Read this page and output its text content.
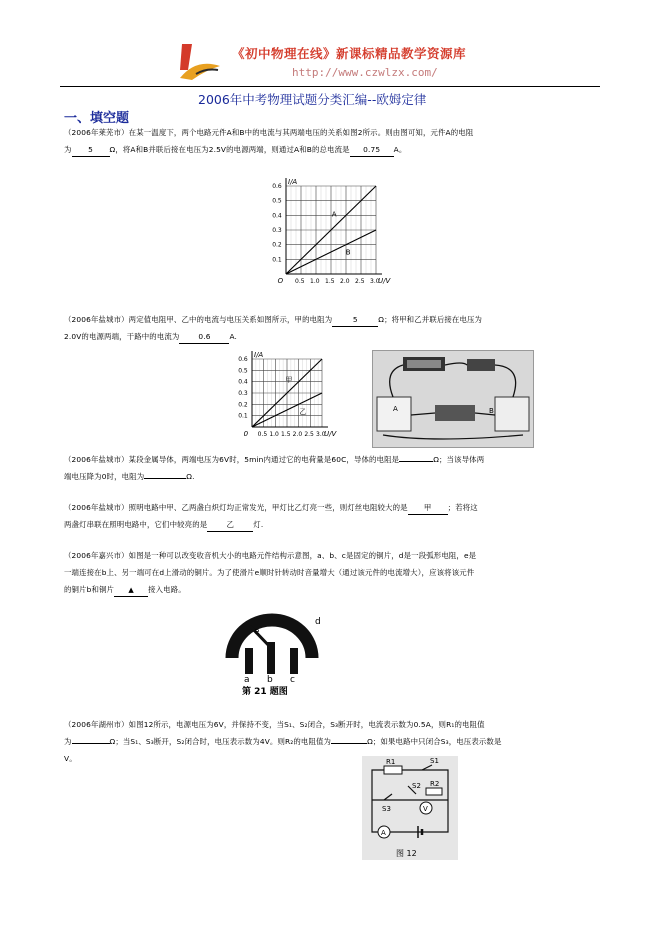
《初中物理在线》新课标精品教学资源库
http://www.czwlzx.com/
2006年中考物理试题分类汇编--欧姆定律
一、填空题
（2006年莱芜市）在某一温度下，两个电路元件A和B中的电流与其两端电压的关系如图2所示。则由图可知，元件A的电阻
为 5 Ω，将A和B并联后接在电压为2.5V的电源两端，则通过A和B的总电流是 0.75 A。
0.5 1.0 1.5 2.0 2.5 3.0
0.1
0.2
0.3
0.4
0.5
0.6
O	U/V
I/A
A
B
（2006年盐城市）两定值电阻甲、乙中的电流与电压关系如图所示，甲的电阻为	5	Ω；将甲和乙并联后接在电压为
2.0V的电源两端，干路中的电流为	0.6	A.
0.5 1.0 1.5 2.0 2.5 3.0
0.1
0.2
0.3
0.4
0.5
0.6
0	U/V
I/A
甲
乙	A	B
（2006年盐城市）某段金属导体，两端电压为6V时，5min内通过它的电荷量是60C，导体的电阻是	Ω；当该导体两
端电压降为0时，电阻为	Ω.
（2006年盐城市）照明电路中甲、乙两盏白炽灯均正常发光，甲灯比乙灯亮一些，则灯丝电阻较大的是 甲 ；若将这
两盏灯串联在照明电路中，它们中较亮的是	乙	灯.
（2006年嘉兴市）如图是一种可以改变收音机大小的电路元件结构示意图，a、b、c是固定的铜片，d是一段弧形电阻，e是
一端连接在b上、另一端可在d上滑动的铜片。为了使滑片e顺时针转动时音量增大（通过该元件的电流增大），应该将该元件
的铜片b和铜片 ▲ 接入电路。
e
d
a b c
第 21 题图
（2006年湖州市）如图12所示，电源电压为6V，并保持不变，当S₁、S₂闭合，S₃断开时，电流表示数为0.5A，则R₁的电阻值
为	Ω；当S₁、S₃断开，S₂闭合时，电压表示数为4V。则R₂的电阻值为	Ω；如果电路中只闭合S₃，电压表示数是
V。	R1	S1
S2
S3
R2
V
A
图 12
